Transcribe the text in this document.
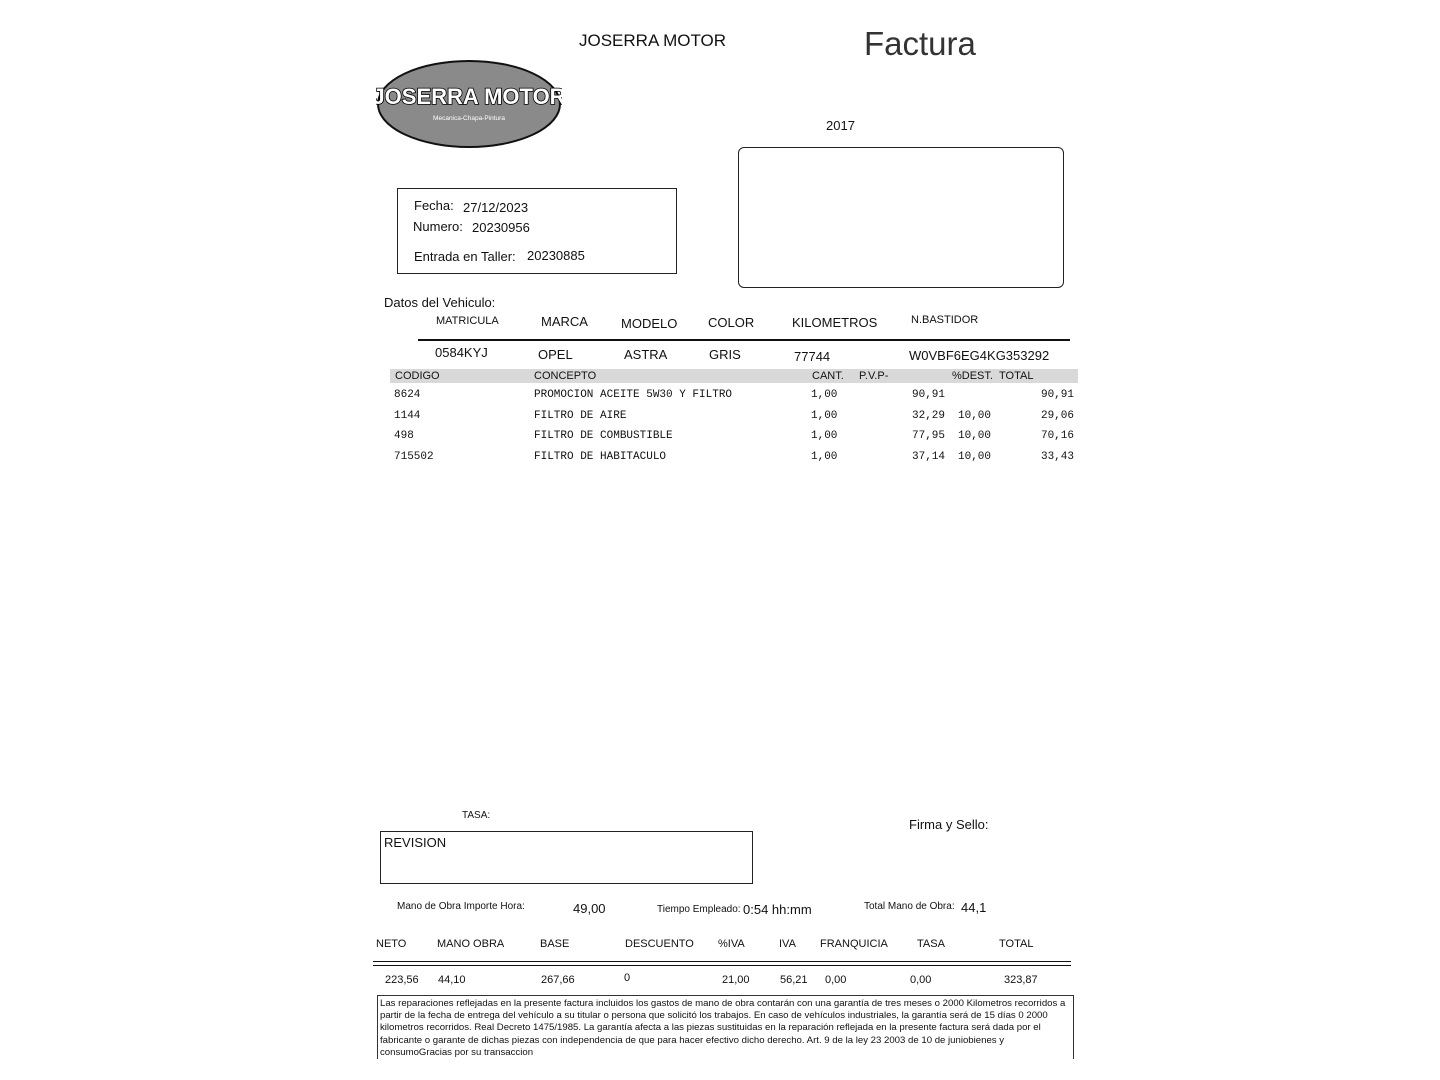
JOSERRA MOTOR	Factura
2017
JOSERRA MOTOR
Mecanica-Chapa-Pintura
Fecha: 27/12/2023
Numero: 20230956
Entrada en Taller: 20230885
Datos del Vehiculo:
MATRICULA	MARCA	MODELO COLOR	KILOMETROS	N.BASTIDOR
0584KYJ	OPEL	ASTRA	GRIS	77744	W0VBF6EG4KG353292
CODIGO	CONCEPTO	CANT. P.V.P-	%DEST. TOTAL
8624	PROMOCION ACEITE 5W30 Y FILTRO	1,00	90,91	90,91
1144	FILTRO DE AIRE	1,00	32,29 10,00	29,06
498	FILTRO DE COMBUSTIBLE	1,00	77,95 10,00	70,16
715502	FILTRO DE HABITACULO	1,00	37,14 10,00	33,43
TASA:
REVISION
Firma y Sello:
Mano de Obra Importe Hora:	49,00	Tiempo Empleado: 0:54 hh:mm	Total Mano de Obra: 44,1
NETO	MANO OBRA	BASE	DESCUENTO %IVA	IVA FRANQUICIA	TASA	TOTAL
223,56 44,10	267,66	0	21,00	56,21 0,00	0,00	323,87
Las reparaciones reflejadas en la presente factura incluidos los gastos de mano de obra contarán con una garantía de tres meses o 2000 Kilometros recorridos a partir de la fecha de entrega del vehículo a su titular o persona que solicitó los trabajos. En caso de vehículos industriales, la garantía será de 15 días 0 2000 kilometros recorridos. Real Decreto 1475/1985. La garantía afecta a las piezas sustituidas en la reparación reflejada en la presente factura será dada por el fabricante o garante de dichas piezas con independencia de que para hacer efectivo dicho derecho. Art. 9 de la ley 23 2003 de 10 de juniobienes y consumoGracias por su transaccion
